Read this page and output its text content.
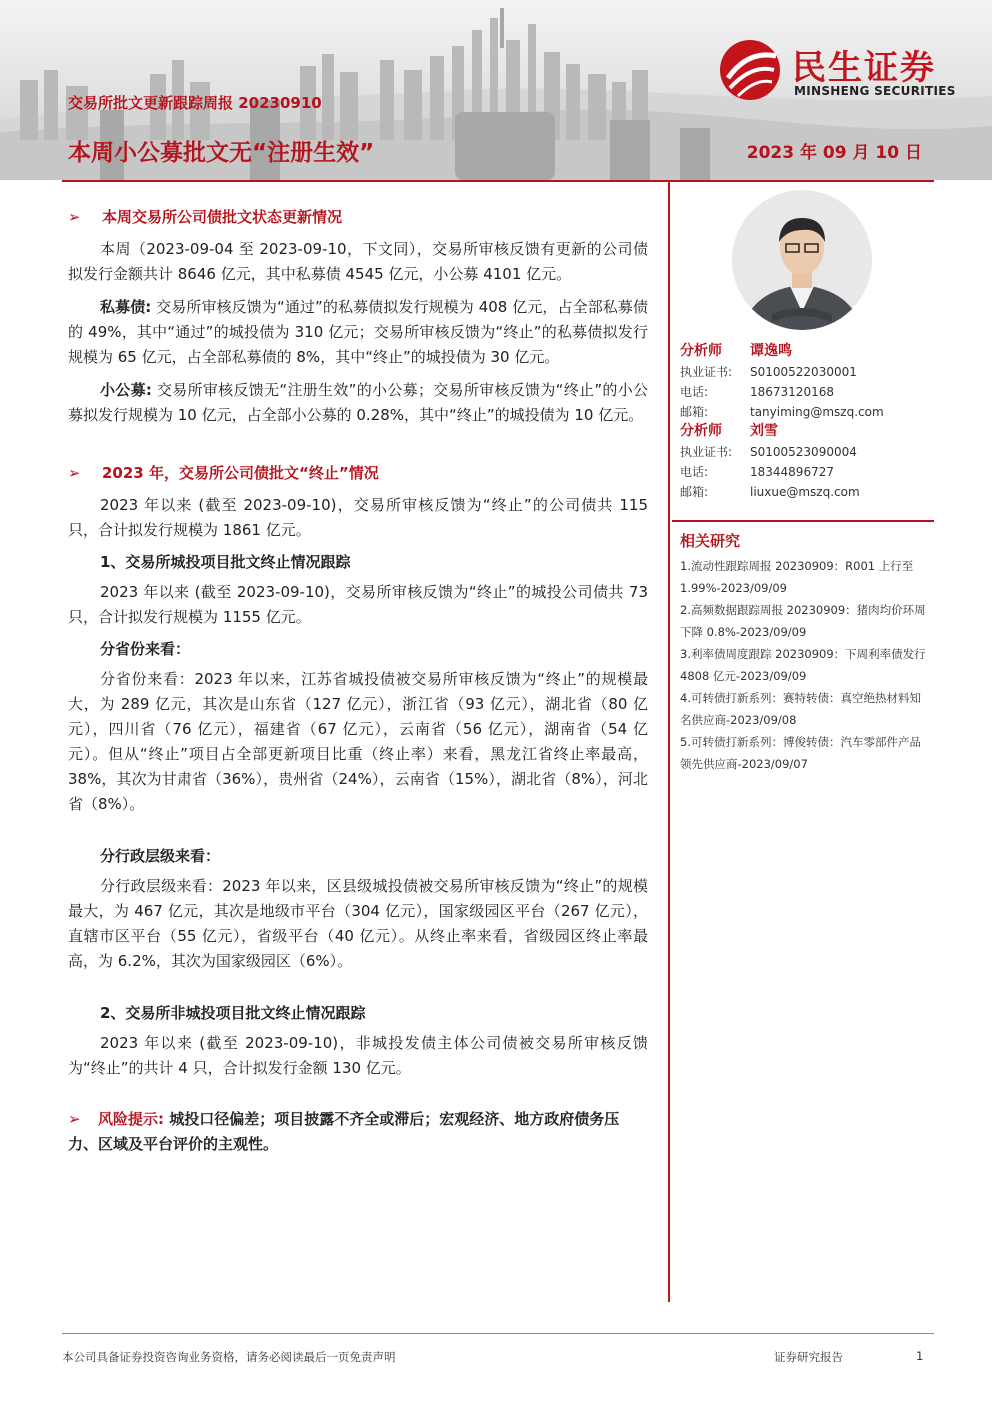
民生证券
MINSHENG SECURITIES
交易所批文更新跟踪周报 20230910
本周小公募批文无“注册生效”	2023 年 09 月 10 日
➢ 本周交易所公司债批文状态更新情况

本周（2023-09-04 至 2023-09-10，下文同），交易所审核反馈有更新的公司债拟发行金额共计 8646 亿元，其中私募债 4545 亿元，小公募 4101 亿元。

私募债: 交易所审核反馈为“通过”的私募债拟发行规模为 408 亿元，占全部私募债的 49%，其中“通过”的城投债为 310 亿元；交易所审核反馈为“终止”的私募债拟发行规模为 65 亿元，占全部私募债的 8%，其中“终止”的城投债为 30 亿元。

小公募: 交易所审核反馈无“注册生效”的小公募；交易所审核反馈为“终止”的小公募拟发行规模为 10 亿元，占全部小公募的 0.28%，其中“终止”的城投债为 10 亿元。

➢ 2023 年，交易所公司债批文“终止”情况

2023 年以来 (截至 2023-09-10)，交易所审核反馈为“终止”的公司债共 115 只，合计拟发行规模为 1861 亿元。

1、交易所城投项目批文终止情况跟踪

2023 年以来 (截至 2023-09-10)，交易所审核反馈为“终止”的城投公司债共 73 只，合计拟发行规模为 1155 亿元。

分省份来看：

分省份来看：2023 年以来，江苏省城投债被交易所审核反馈为“终止”的规模最大，为 289 亿元，其次是山东省（127 亿元），浙江省（93 亿元），湖北省（80 亿元），四川省（76 亿元），福建省（67 亿元），云南省（56 亿元），湖南省（54 亿元）。但从“终止”项目占全部更新项目比重（终止率）来看，黑龙江省终止率最高，38%，其次为甘肃省（36%），贵州省（24%），云南省（15%），湖北省（8%），河北省（8%）。

分行政层级来看：

分行政层级来看：2023 年以来，区县级城投债被交易所审核反馈为“终止”的规模最大，为 467 亿元，其次是地级市平台（304 亿元），国家级园区平台（267 亿元），直辖市区平台（55 亿元），省级平台（40 亿元）。从终止率来看，省级园区终止率最高，为 6.2%，其次为国家级园区（6%）。

2、交易所非城投项目批文终止情况跟踪

2023 年以来 (截至 2023-09-10)，非城投发债主体公司债被交易所审核反馈为“终止”的共计 4 只，合计拟发行金额 130 亿元。

➢ 风险提示: 城投口径偏差；项目披露不齐全或滞后；宏观经济、地方政府债务压力、区域及平台评价的主观性。

分析师 谭逸鸣
执业证书: S0100522030001
电话:	18673120168
邮箱:	tanyiming@mszq.com
分析师 刘雪
执业证书: S0100523090004
电话:	18344896727
邮箱:	liuxue@mszq.com
相关研究

1.流动性跟踪周报 20230909：R001 上行至 1.99%-2023/09/09

2.高频数据跟踪周报 20230909：猪肉均价环周下降 0.8%-2023/09/09

3.利率债周度跟踪 20230909：下周利率债发行 4808 亿元-2023/09/09

4.可转债打新系列：赛特转债：真空绝热材料知名供应商-2023/09/08

5.可转债打新系列：博俊转债：汽车零部件产品领先供应商-2023/09/07

本公司具备证券投资咨询业务资格，请务必阅读最后一页免责声明	证券研究报告	1
